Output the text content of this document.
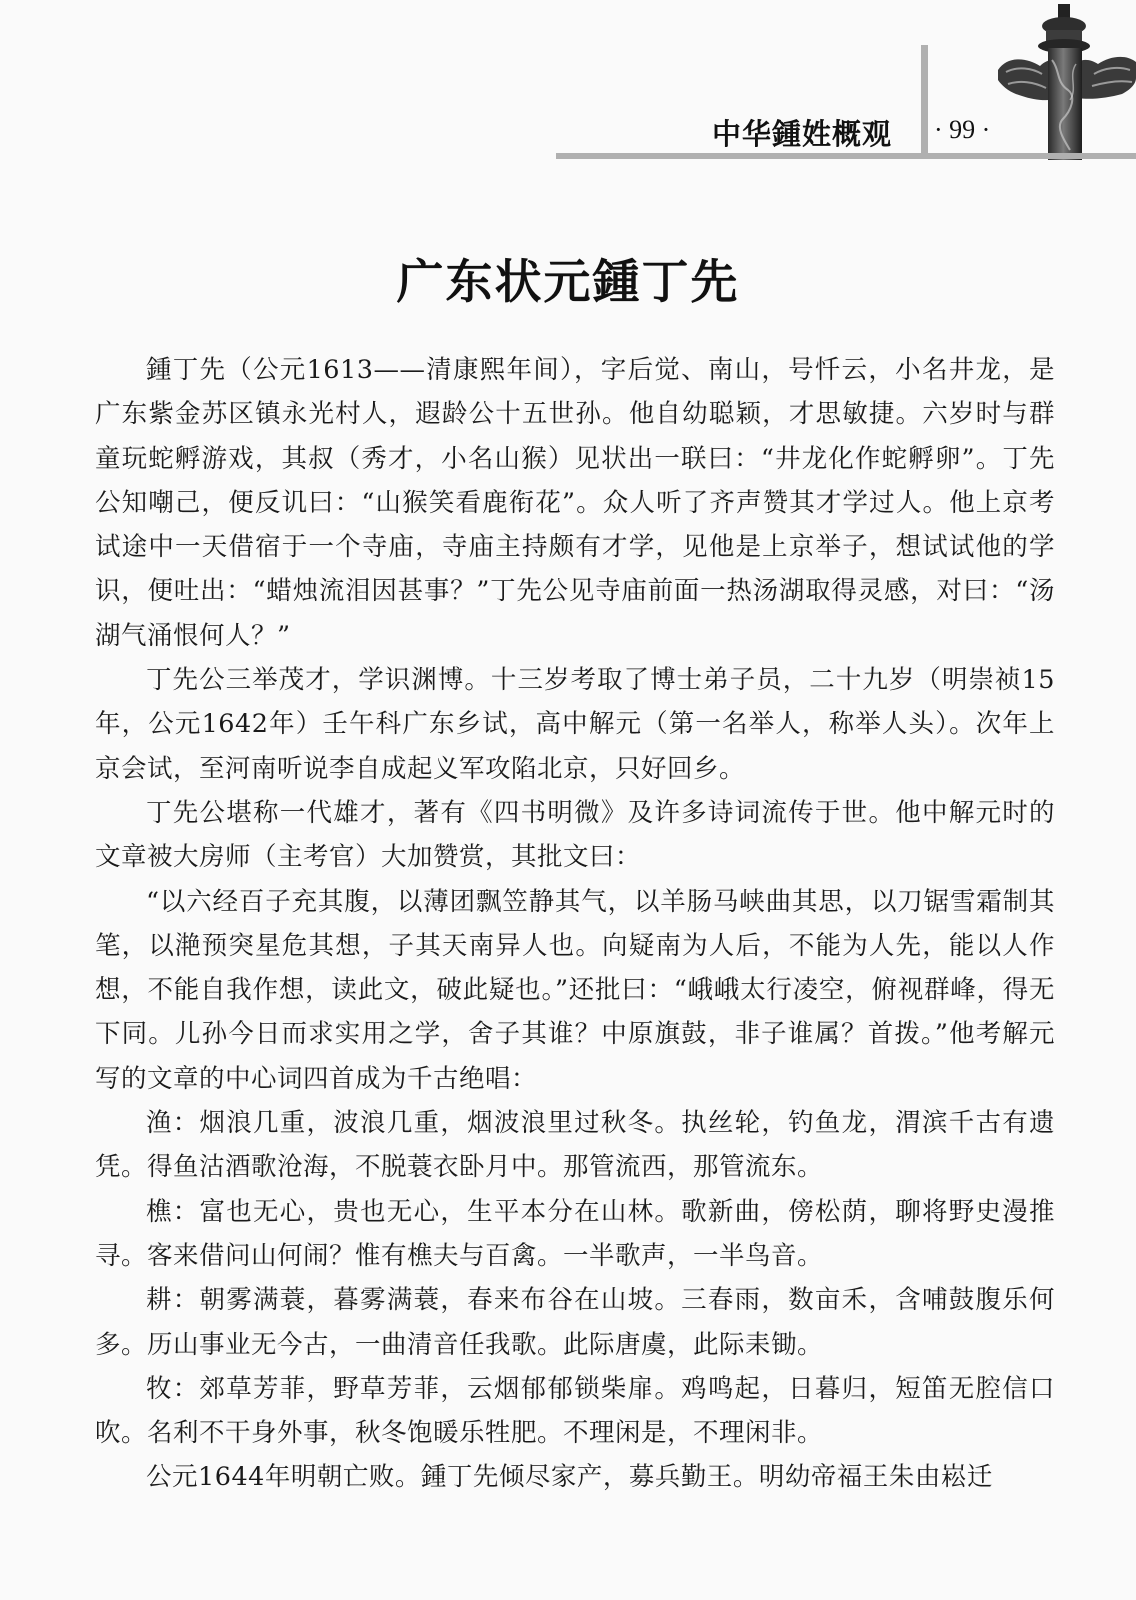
中华鍾姓概观 · 99 ·
广东状元鍾丁先

鍾丁先（公元1613——清康熙年间），字后觉、南山，号忏云，小名井龙，是广东紫金苏区镇永光村人，遐龄公十五世孙。他自幼聪颖，才思敏捷。六岁时与群童玩蛇孵游戏，其叔（秀才，小名山猴）见状出一联曰：“井龙化作蛇孵卵”。丁先公知嘲己，便反讥曰：“山猴笑看鹿衔花”。众人听了齐声赞其才学过人。他上京考试途中一天借宿于一个寺庙，寺庙主持颇有才学，见他是上京举子，想试试他的学识，便吐出：“蜡烛流泪因甚事？”丁先公见寺庙前面一热汤湖取得灵感，对曰：“汤湖气涌恨何人？”

丁先公三举茂才，学识渊博。十三岁考取了博士弟子员，二十九岁（明崇祯15年，公元1642年）壬午科广东乡试，高中解元（第一名举人，称举人头）。次年上京会试，至河南听说李自成起义军攻陷北京，只好回乡。

丁先公堪称一代雄才，著有《四书明微》及许多诗词流传于世。他中解元时的文章被大房师（主考官）大加赞赏，其批文曰：

“以六经百子充其腹，以薄团飘笠静其气，以羊肠马峡曲其思，以刀锯雪霜制其笔，以滟预突星危其想，子其天南异人也。向疑南为人后，不能为人先，能以人作想，不能自我作想，读此文，破此疑也。”还批曰：“峨峨太行凌空，俯视群峰，得无下同。儿孙今日而求实用之学，舍子其谁？中原旗鼓，非子谁属？首拨。”他考解元写的文章的中心词四首成为千古绝唱：

渔：烟浪几重，波浪几重，烟波浪里过秋冬。执丝轮，钓鱼龙，渭滨千古有遗凭。得鱼沽酒歌沧海，不脱蓑衣卧月中。那管流西，那管流东。

樵：富也无心，贵也无心，生平本分在山林。歌新曲，傍松荫，聊将野史漫推寻。客来借问山何闹？惟有樵夫与百禽。一半歌声，一半鸟音。

耕：朝雾满蓑，暮雾满蓑，春来布谷在山坡。三春雨，数亩禾，含哺鼓腹乐何多。历山事业无今古，一曲清音任我歌。此际唐虞，此际耒锄。

牧：郊草芳菲，野草芳菲，云烟郁郁锁柴扉。鸡鸣起，日暮归，短笛无腔信口吹。名利不干身外事，秋冬饱暖乐牲肥。不理闲是，不理闲非。

公元1644年明朝亡败。鍾丁先倾尽家产，募兵勤王。明幼帝福王朱由崧迁
